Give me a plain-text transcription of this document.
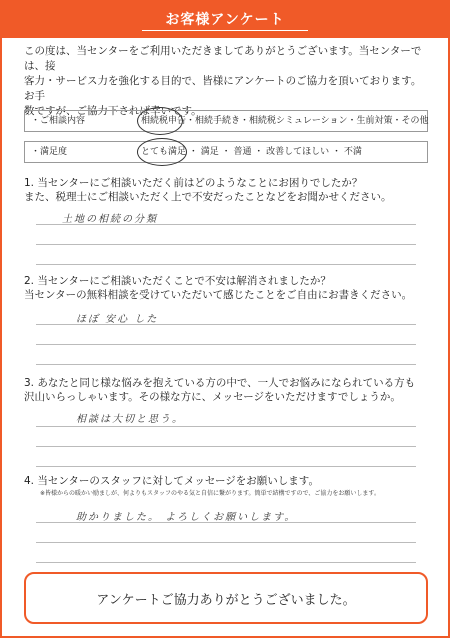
お客様アンケート
この度は、当センターをご利用いただきましてありがとうございます。当センターでは、接
客力・サービス力を強化する目的で、皆様にアンケートのご協力を頂いております。お手
数ですが、ご協力下されば幸いです。
・ご相談内容	相続税申告・相続手続き・相続税シミュレーション・生前対策・その他
・満足度	とても満足 ・ 満足 ・ 普通 ・ 改善してほしい ・ 不満
1. 当センターにご相談いただく前はどのようなことにお困りでしたか？
また、税理士にご相談いただく上で不安だったことなどをお聞かせください。
土地の相続の分類
2. 当センターにご相談いただくことで不安は解消されましたか？
当センターの無料相談を受けていただいて感じたことをご自由にお書きください。
ほぼ 安心 した
3. あなたと同じ様な悩みを抱えている方の中で、一人でお悩みになられている方も
沢山いらっしゃいます。その様な方に、メッセージをいただけますでしょうか。
相談は大切と思う。
4. 当センターのスタッフに対してメッセージをお願いします。
※皆様からの暖かい励ましが、何よりもスタッフのやる気と自信に繋がります。簡単で結構ですので、ご協力をお願いします。
助かりました。 よろしくお願いします。
アンケートご協力ありがとうございました。
